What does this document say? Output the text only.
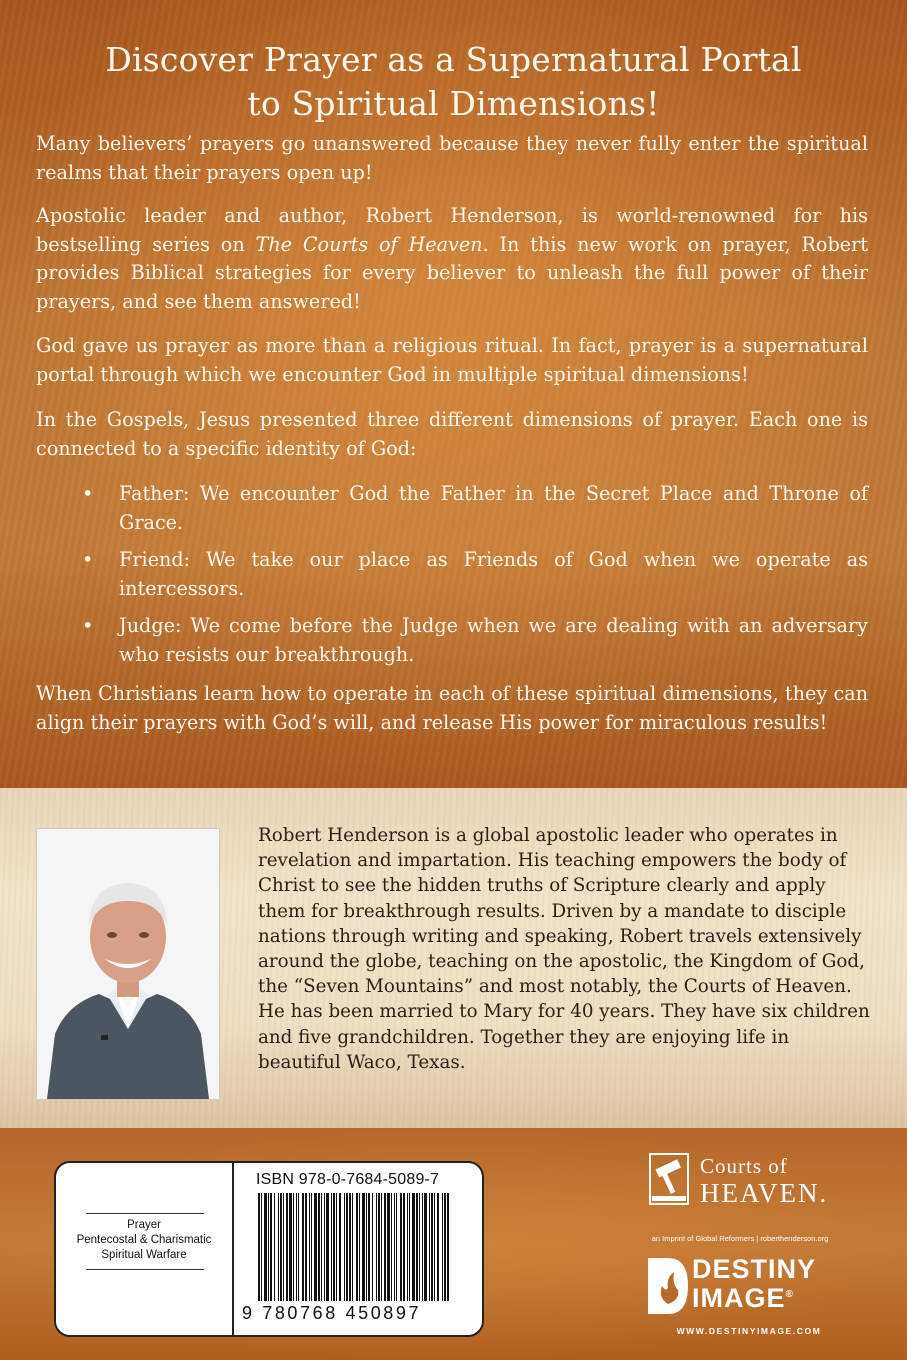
Discover Prayer as a Supernatural Portal
to Spiritual Dimensions!
Many believers’ prayers go unanswered because they never fully enter the spiritual realms that their prayers open up!
Apostolic leader and author, Robert Henderson, is world-renowned for his bestselling series on The Courts of Heaven. In this new work on prayer, Robert provides Biblical strategies for every believer to unleash the full power of their prayers, and see them answered!
God gave us prayer as more than a religious ritual. In fact, prayer is a supernatural portal through which we encounter God in multiple spiritual dimensions!
In the Gospels, Jesus presented three different dimensions of prayer. Each one is connected to a specific identity of God:
• Father: We encounter God the Father in the Secret Place and Throne of Grace.
• Friend: We take our place as Friends of God when we operate as intercessors.
• Judge: We come before the Judge when we are dealing with an adversary who resists our breakthrough.
When Christians learn how to operate in each of these spiritual dimensions, they can align their prayers with God’s will, and release His power for miraculous results!
Robert Henderson is a global apostolic leader who operates in revelation and impartation. His teaching empowers the body of Christ to see the hidden truths of Scripture clearly and apply them for breakthrough results. Driven by a mandate to disciple nations through writing and speaking, Robert travels extensively around the globe, teaching on the apostolic, the Kingdom of God, the “Seven Mountains” and most notably, the Courts of Heaven. He has been married to Mary for 40 years. They have six children and five grandchildren. Together they are enjoying life in beautiful Waco, Texas.
Prayer
Pentecostal & Charismatic
Spiritual Warfare
ISBN 978-0-7684-5089-7
9 780768 450897
Courts of
HEAVEN.
an Imprint of Global Reformers | roberthenderson.org
DESTINY
IMAGE®
WWW.DESTINYIMAGE.COM
